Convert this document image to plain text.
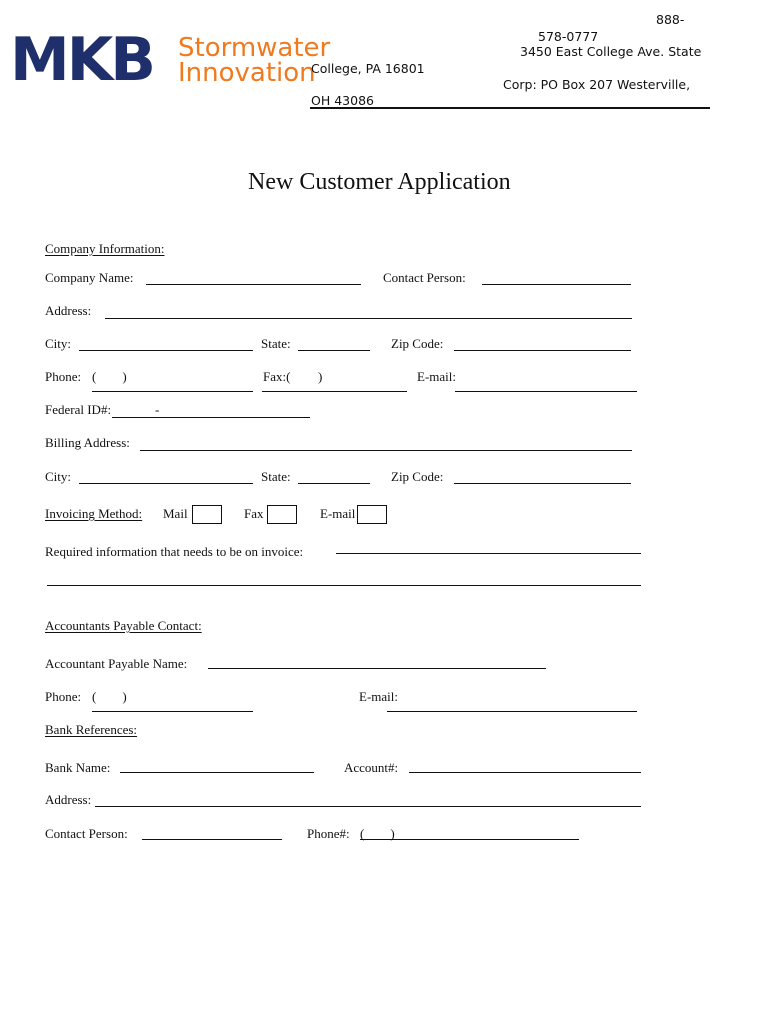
MKB Stormwater
Innovation
888-
578-0777
3450 East College Ave. State
College, PA 16801
Corp: PO Box 207 Westerville,
OH 43086
New Customer Application
Company Information:
Company Name:	Contact Person:
Address:
City:	State:	Zip Code:
Phone: (        )	Fax:( )	E-mail:
Federal ID#:	-
Billing Address:
City:	State:	Zip Code:
Invoicing Method: Mail	Fax	E-mail
Required information that needs to be on invoice:
Accountants Payable Contact:
Accountant Payable Name:
Phone: (        )	E-mail:
Bank References:
Bank Name:	Account#:
Address:
Contact Person:	Phone#: (        )
